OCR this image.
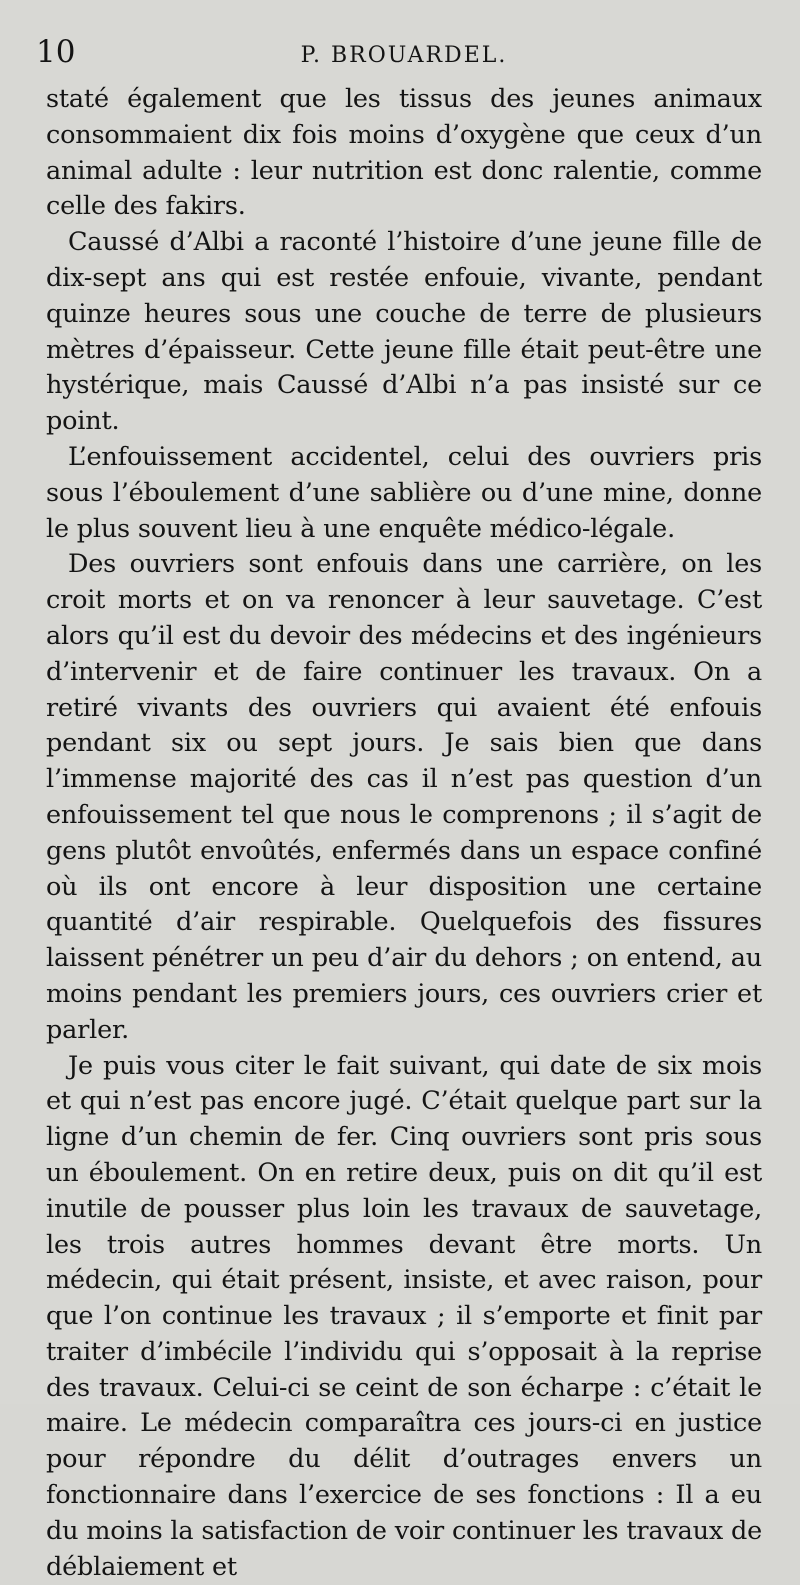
10	P. BROUARDEL.

staté également que les tissus des jeunes animaux consommaient dix fois moins d’oxygène que ceux d’un animal adulte : leur nutrition est donc ralentie, comme celle des fakirs.

Caussé d’Albi a raconté l’histoire d’une jeune fille de dix-sept ans qui est restée enfouie, vivante, pendant quinze heures sous une couche de terre de plusieurs mètres d’épaisseur. Cette jeune fille était peut-être une hystérique, mais Caussé d’Albi n’a pas insisté sur ce point.

L’enfouissement accidentel, celui des ouvriers pris sous l’éboulement d’une sablière ou d’une mine, donne le plus souvent lieu à une enquête médico-légale.

Des ouvriers sont enfouis dans une carrière, on les croit morts et on va renoncer à leur sauvetage. C’est alors qu’il est du devoir des médecins et des ingénieurs d’intervenir et de faire continuer les travaux. On a retiré vivants des ouvriers qui avaient été enfouis pendant six ou sept jours. Je sais bien que dans l’immense majorité des cas il n’est pas question d’un enfouissement tel que nous le comprenons ; il s’agit de gens plutôt envoûtés, enfermés dans un espace confiné où ils ont encore à leur disposition une certaine quantité d’air respirable. Quelquefois des fissures laissent pénétrer un peu d’air du dehors ; on entend, au moins pendant les premiers jours, ces ouvriers crier et parler.

Je puis vous citer le fait suivant, qui date de six mois et qui n’est pas encore jugé. C’était quelque part sur la ligne d’un chemin de fer. Cinq ouvriers sont pris sous un éboulement. On en retire deux, puis on dit qu’il est inutile de pousser plus loin les travaux de sauvetage, les trois autres hommes devant être morts. Un médecin, qui était présent, insiste, et avec raison, pour que l’on continue les travaux ; il s’emporte et finit par traiter d’imbécile l’individu qui s’opposait à la reprise des travaux. Celui-ci se ceint de son écharpe : c’était le maire. Le médecin comparaîtra ces jours-ci en justice pour répondre du délit d’outrages envers un fonctionnaire dans l’exercice de ses fonctions : Il a eu du moins la satisfaction de voir continuer les travaux de déblaiement et
